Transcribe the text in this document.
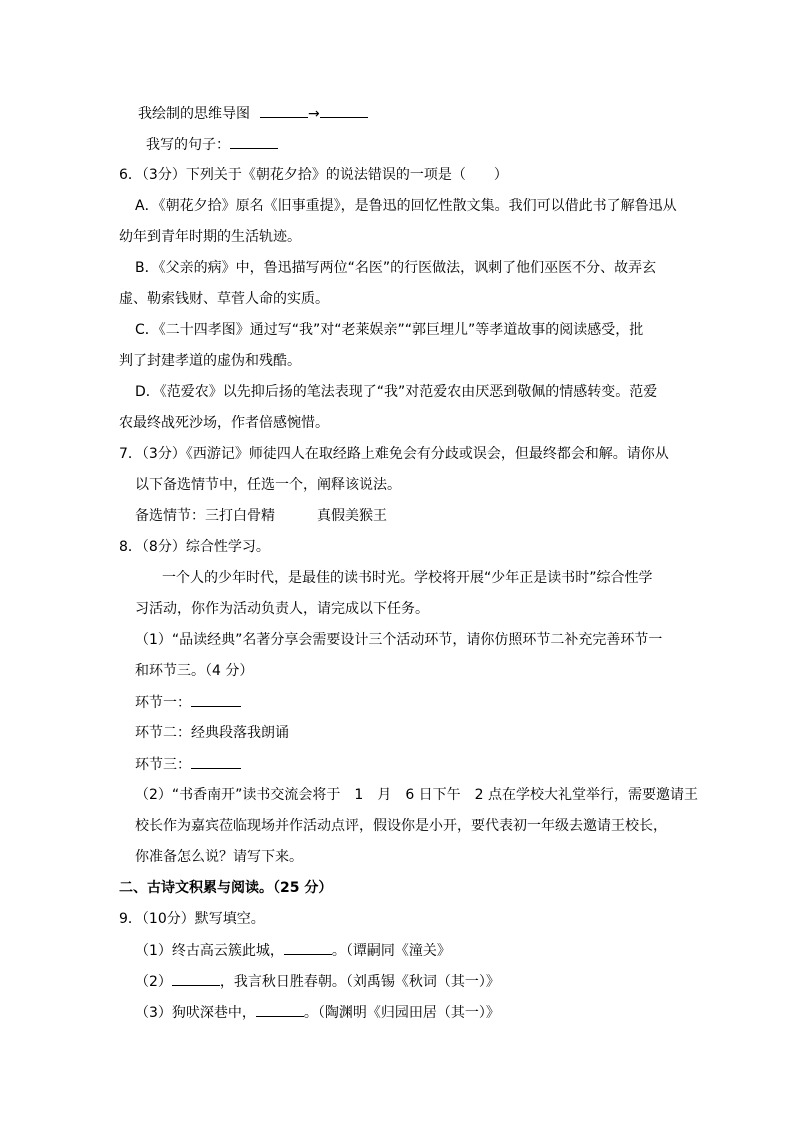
我绘制的思维导图	→
我写的句子：
6．（3分）下列关于《朝花夕拾》的说法错误的一项是（　　）
A．《朝花夕拾》原名《旧事重提》，是鲁迅的回忆性散文集。我们可以借此书了解鲁迅从
幼年到青年时期的生活轨迹。
B．《父亲的病》中，鲁迅描写两位“名医”的行医做法，讽刺了他们巫医不分、故弄玄
虚、勒索钱财、草菅人命的实质。
C．《二十四孝图》通过写“我”对“老莱娱亲”“郭巨埋儿”等孝道故事的阅读感受，批
判了封建孝道的虚伪和残酷。
D．《范爱农》以先抑后扬的笔法表现了“我”对范爱农由厌恶到敬佩的情感转变。范爱
农最终战死沙场，作者倍感惋惜。
7．（3分）《西游记》师徒四人在取经路上难免会有分歧或误会，但最终都会和解。请你从
以下备选情节中，任选一个，阐释该说法。
备选情节：三打白骨精　　　真假美猴王
8．（8分）综合性学习。
一个人的少年时代，是最佳的读书时光。学校将开展“少年正是读书时”综合性学
习活动，你作为活动负责人，请完成以下任务。
（1）“品读经典”名著分享会需要设计三个活动环节，请你仿照环节二补充完善环节一
和环节三。（4 分）
环节一：
环节二：经典段落我朗诵
环节三：
（2）“书香南开”读书交流会将于　1　月　6 日下午　2 点在学校大礼堂举行，需要邀请王
校长作为嘉宾莅临现场并作活动点评，假设你是小开，要代表初一年级去邀请王校长，
你准备怎么说？请写下来。
二、古诗文积累与阅读。（25 分）
9．（10分）默写填空。
（1）终古高云簇此城，	。（谭嗣同《潼关》
（2）	，我言秋日胜春朝。（刘禹锡《秋词（其一）》
（3）狗吠深巷中，	。（陶渊明《归园田居（其一）》
